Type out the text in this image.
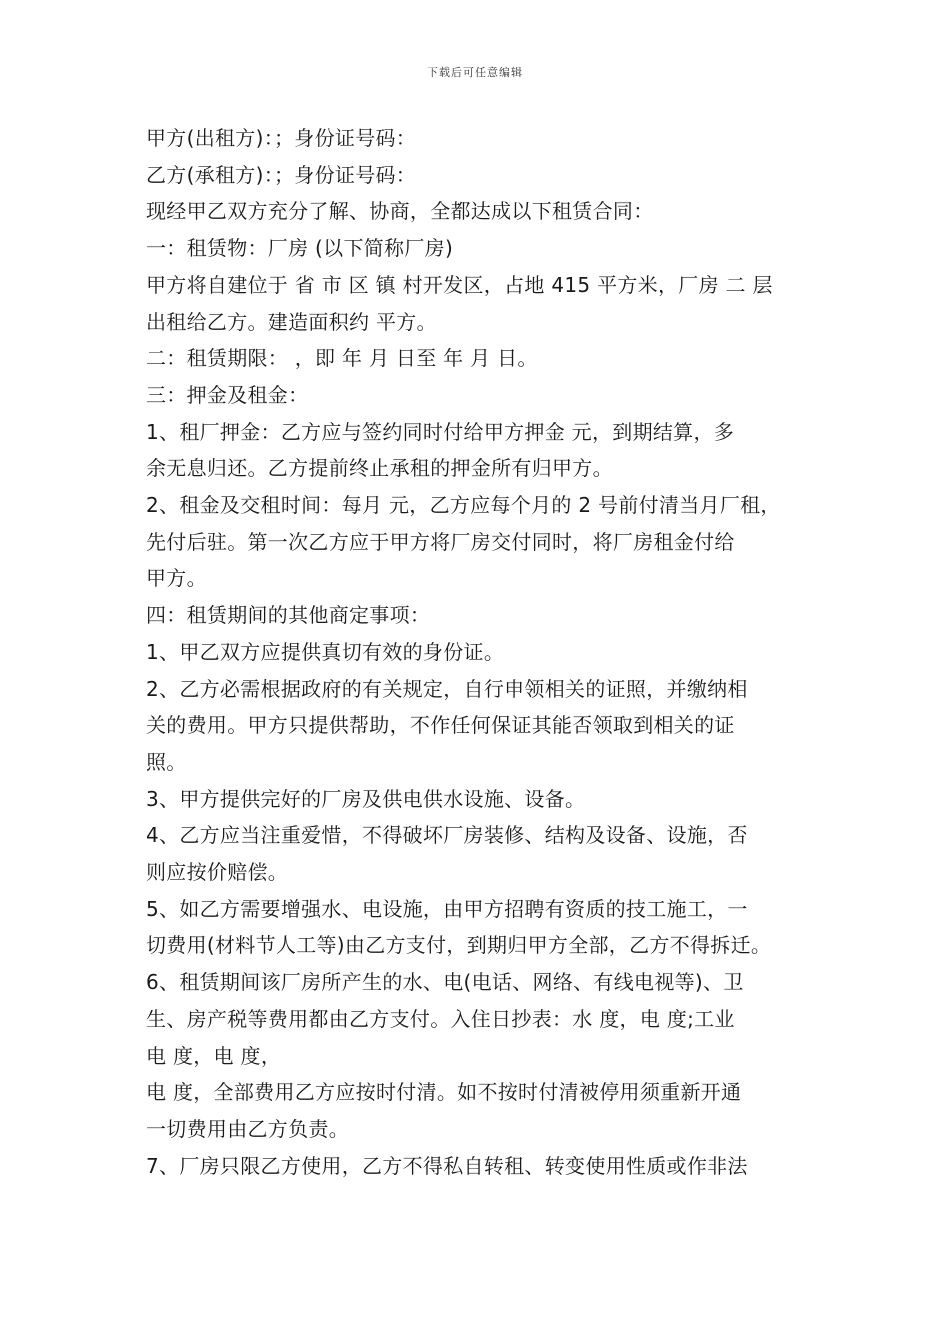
下载后可任意编辑
甲方(出租方)：；身份证号码：
乙方(承租方)：；身份证号码：
现经甲乙双方充分了解、协商，全都达成以下租赁合同：
一：租赁物：厂房 (以下简称厂房)
甲方将自建位于 省 市 区 镇 村开发区，占地 415 平方米，厂房 二 层
出租给乙方。建造面积约 平方。
二：租赁期限： ，即 年 月 日至 年 月 日。
三：押金及租金：
1、租厂押金：乙方应与签约同时付给甲方押金 元，到期结算，多
余无息归还。乙方提前终止承租的押金所有归甲方。
2、租金及交租时间：每月 元，乙方应每个月的 2 号前付清当月厂租，
先付后驻。第一次乙方应于甲方将厂房交付同时，将厂房租金付给
甲方。
四：租赁期间的其他商定事项：
1、甲乙双方应提供真切有效的身份证。
2、乙方必需根据政府的有关规定，自行申领相关的证照，并缴纳相
关的费用。甲方只提供帮助，不作任何保证其能否领取到相关的证
照。
3、甲方提供完好的厂房及供电供水设施、设备。
4、乙方应当注重爱惜，不得破坏厂房装修、结构及设备、设施，否
则应按价赔偿。
5、如乙方需要增强水、电设施，由甲方招聘有资质的技工施工，一
切费用(材料节人工等)由乙方支付，到期归甲方全部，乙方不得拆迁。
6、租赁期间该厂房所产生的水、电(电话、网络、有线电视等)、卫
生、房产税等费用都由乙方支付。入住日抄表：水 度，电 度;工业
电 度，电 度，
电 度，全部费用乙方应按时付清。如不按时付清被停用须重新开通
一切费用由乙方负责。
7、厂房只限乙方使用，乙方不得私自转租、转变使用性质或作非法
